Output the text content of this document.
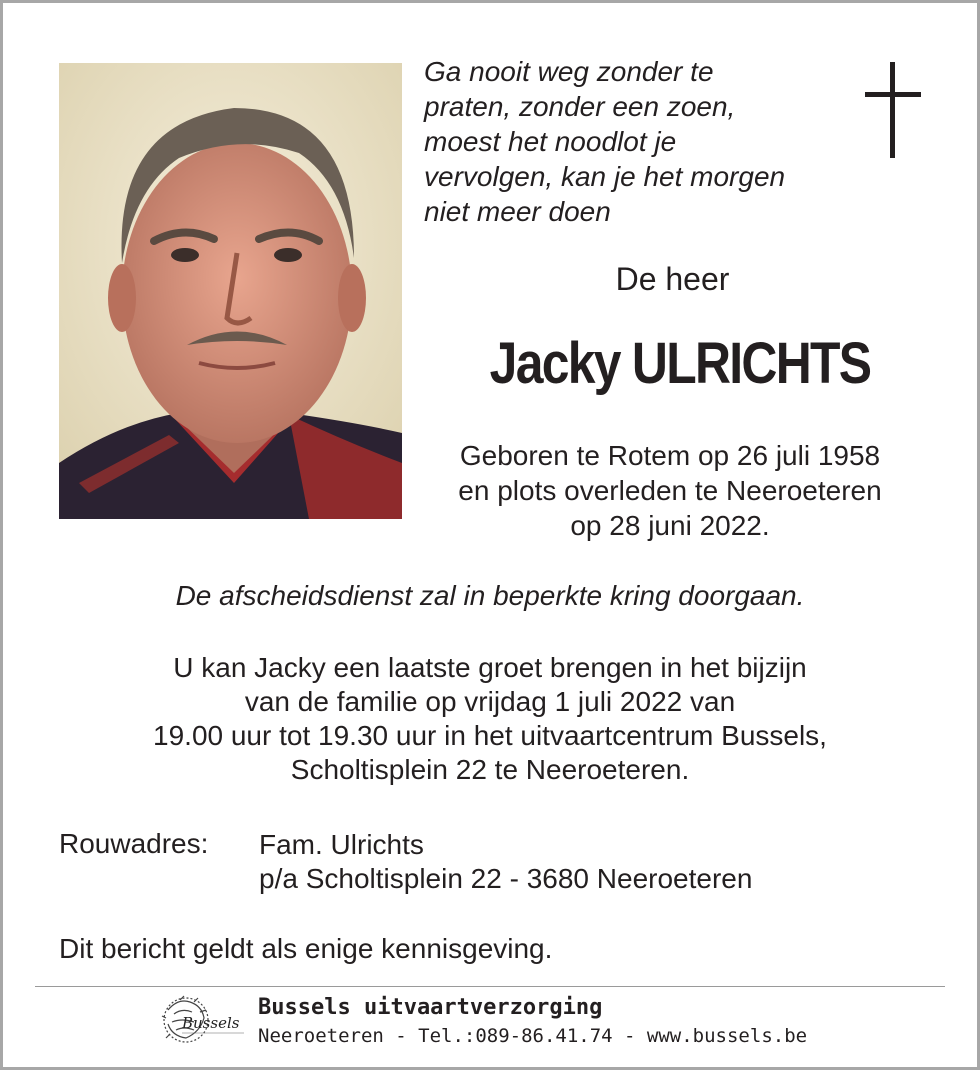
Ga nooit weg zonder te
praten, zonder een zoen,
moest het noodlot je
vervolgen, kan je het morgen
niet meer doen
De heer
Jacky ULRICHTS
Geboren te Rotem op 26 juli 1958
en plots overleden te Neeroeteren
op 28 juni 2022.
De afscheidsdienst zal in beperkte kring doorgaan.
U kan Jacky een laatste groet brengen in het bijzijn
van de familie op vrijdag 1 juli 2022 van
19.00 uur tot 19.30 uur in het uitvaartcentrum Bussels,
Scholtisplein 22 te Neeroeteren.
Rouwadres: Fam. Ulrichts
p/a Scholtisplein 22 - 3680 Neeroeteren
Dit bericht geldt als enige kennisgeving.
Bussels
Bussels uitvaartverzorging
Neeroeteren - Tel.:089-86.41.74 - www.bussels.be
